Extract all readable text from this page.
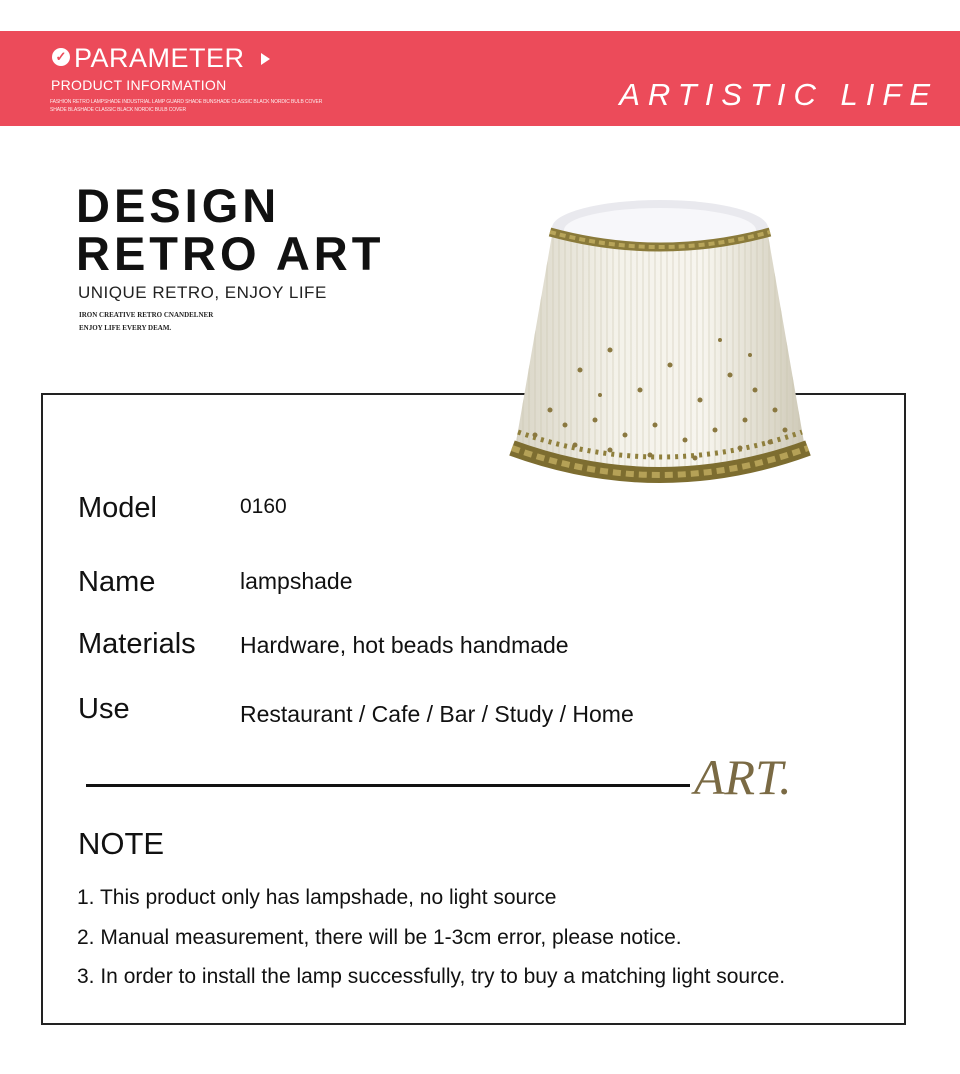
✓ PARAMETER
PRODUCT INFORMATION
FASHION RETRO LAMPSHADE INDUSTRIAL LAMP GUARD SHADE BUNSHADE CLASSIC BLACK NORDIC BULB COVER SHADE BLASHADE CLASSIC BLACK NORDIC BULB COVER	ARTISTIC LIFE
DESIGN
RETRO ART
UNIQUE RETRO, ENJOY LIFE
IRON CREATIVE RETRO CNANDELNER
ENJOY LIFE EVERY DEAM.
Model	0160
Name	lampshade
Materials Hardware, hot beads handmade
Use	Restaurant / Cafe / Bar / Study / Home
ART.
NOTE
1. This product only has lampshade, no light source
2. Manual measurement, there will be 1-3cm error, please notice.
3. In order to install the lamp successfully, try to buy a matching light source.
